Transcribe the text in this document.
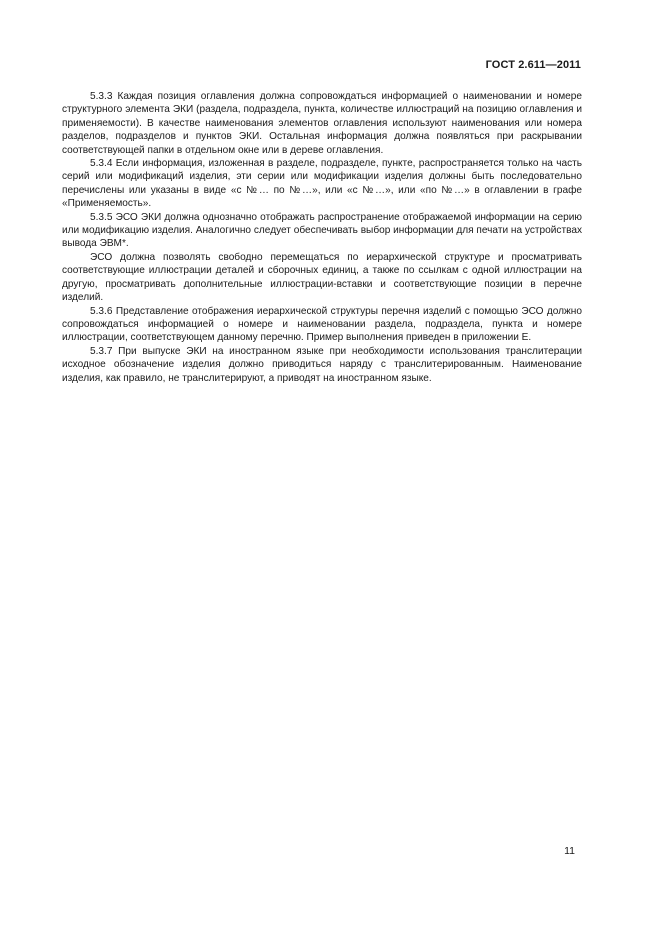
ГОСТ 2.611—2011

5.3.3 Каждая позиция оглавления должна сопровождаться информацией о наименовании и номере структурного элемента ЭКИ (раздела, подраздела, пункта, количестве иллюстраций на позицию оглавления и применяемости). В качестве наименования элементов оглавления используют наименования или номера разделов, подразделов и пунктов ЭКИ. Остальная информация должна появляться при раскрывании соответствующей папки в отдельном окне или в дереве оглавления.

5.3.4 Если информация, изложенная в разделе, подразделе, пункте, распространяется только на часть серий или модификаций изделия, эти серии или модификации изделия должны быть последовательно перечислены или указаны в виде «с №… по №…», или «с №…», или «по №…» в оглавлении в графе «Применяемость».

5.3.5 ЭСО ЭКИ должна однозначно отображать распространение отображаемой информации на серию или модификацию изделия. Аналогично следует обеспечивать выбор информации для печати на устройствах вывода ЭВМ*.

ЭСО должна позволять свободно перемещаться по иерархической структуре и просматривать соответствующие иллюстрации деталей и сборочных единиц, а также по ссылкам с одной иллюстрации на другую, просматривать дополнительные иллюстрации-вставки и соответствующие позиции в перечне изделий.

5.3.6 Представление отображения иерархической структуры перечня изделий с помощью ЭСО должно сопровождаться информацией о номере и наименовании раздела, подраздела, пункта и номере иллюстрации, соответствующем данному перечню. Пример выполнения приведен в приложении Е.

5.3.7 При выпуске ЭКИ на иностранном языке при необходимости использования транслитерации исходное обозначение изделия должно приводиться наряду с транслитерированным. Наименование изделия, как правило, не транслитерируют, а приводят на иностранном языке.

11
